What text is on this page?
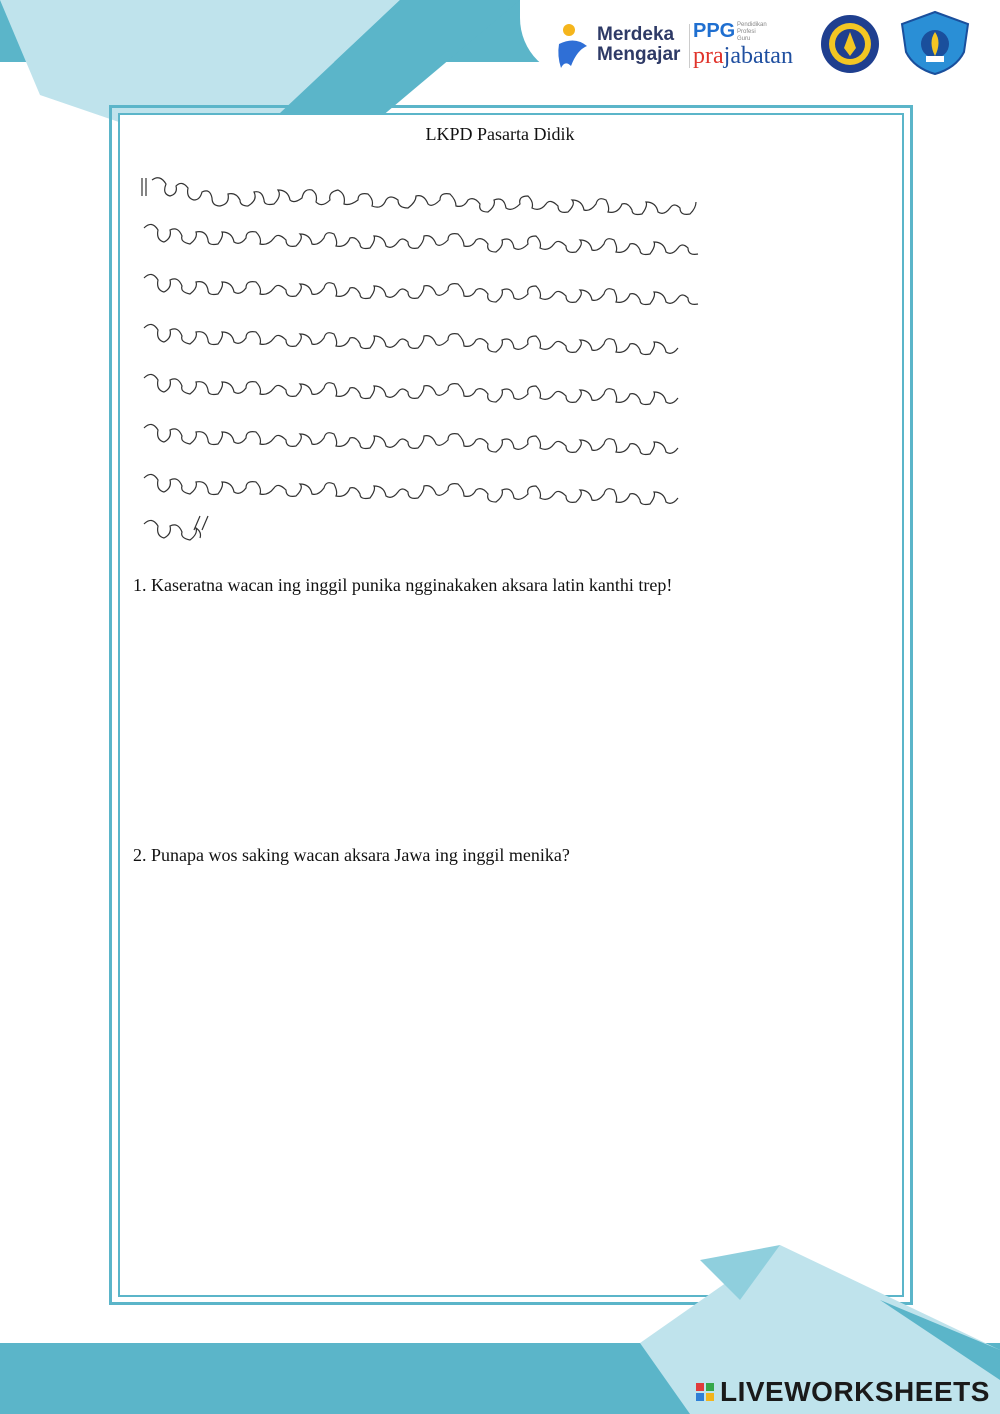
Merdeka
Mengajar
PPG Pendidikan Profesi Guru
prajabatan
LKPD Pasarta Didik
1. Kaseratna wacan ing inggil punika ngginakaken aksara latin kanthi trep!
2. Punapa wos saking wacan aksara Jawa ing inggil menika?
LIVEWORKSHEETS
